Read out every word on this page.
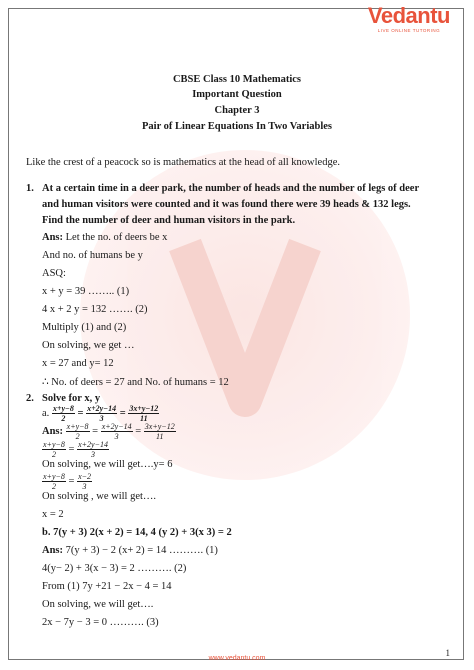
Vedantu
LIVE ONLINE TUTORING
CBSE Class 10 Mathematics
Important Question
Chapter 3
Pair of Linear Equations In Two Variables
Like the crest of a peacock so is mathematics at the head of all knowledge.
1. At a certain time in a deer park, the number of heads and the number of legs of deer
and human visitors were counted and it was found there were 39 heads & 132 legs.
Find the number of deer and human visitors in the park.
Ans: Let the no. of deers be x
And no. of humans be y
ASQ:
x + y = 39 …….. (1)
4 x + 2 y = 132 ……. (2)
Multiply (1) and (2)
On solving, we get …
x = 27 and y= 12
∴ No. of deers = 27 and No. of humans = 12
2. Solve for x, y
a. $\frac{x+y-8}{2} = \frac{x+2y-14}{3} = \frac{3x+y-12}{11}$
Ans: $\frac{x+y-8}{2} = \frac{x+2y-14}{3} = \frac{3x+y-12}{11}$
$\frac{x+y-8}{2} = \frac{x+2y-14}{3}$
On solving, we will get….y= 6
$\frac{x+y-8}{2} = \frac{x-2}{3}$
On solving , we will get….
x = 2
b. 7(y + 3) 2(x + 2) = 14, 4 (y 2) + 3(x 3) = 2
Ans: 7(y + 3) − 2 (x+ 2) = 14 ………. (1)
4(y− 2) + 3(x − 3) = 2 ………. (2)
From (1) 7y +21 − 2x − 4 = 14
On solving, we will get….
2x − 7y − 3 = 0 ………. (3)
1
www.vedantu.com
